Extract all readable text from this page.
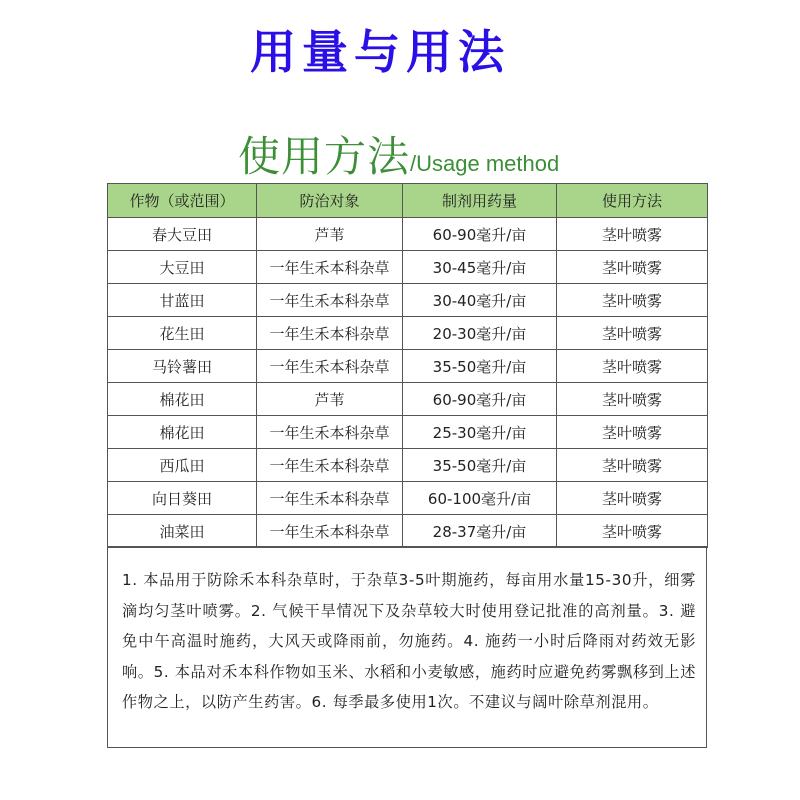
用量与用法
使用方法/Usage method
作物（或范围）	防治对象	制剂用药量	使用方法
春大豆田	芦苇	60-90毫升/亩	茎叶喷雾
大豆田	一年生禾本科杂草	30-45毫升/亩	茎叶喷雾
甘蓝田	一年生禾本科杂草	30-40毫升/亩	茎叶喷雾
花生田	一年生禾本科杂草	20-30毫升/亩	茎叶喷雾
马铃薯田	一年生禾本科杂草	35-50毫升/亩	茎叶喷雾
棉花田	芦苇	60-90毫升/亩	茎叶喷雾
棉花田	一年生禾本科杂草	25-30毫升/亩	茎叶喷雾
西瓜田	一年生禾本科杂草	35-50毫升/亩	茎叶喷雾
向日葵田	一年生禾本科杂草	60-100毫升/亩	茎叶喷雾
油菜田	一年生禾本科杂草	28-37毫升/亩	茎叶喷雾
1. 本品用于防除禾本科杂草时，于杂草3-5叶期施药，每亩用水量15-30升，细雾滴均匀茎叶喷雾。2. 气候干旱情况下及杂草较大时使用登记批准的高剂量。3. 避免中午高温时施药，大风天或降雨前，勿施药。4. 施药一小时后降雨对药效无影响。5. 本品对禾本科作物如玉米、水稻和小麦敏感，施药时应避免药雾飘移到上述作物之上，以防产生药害。6. 每季最多使用1次。不建议与阔叶除草剂混用。
